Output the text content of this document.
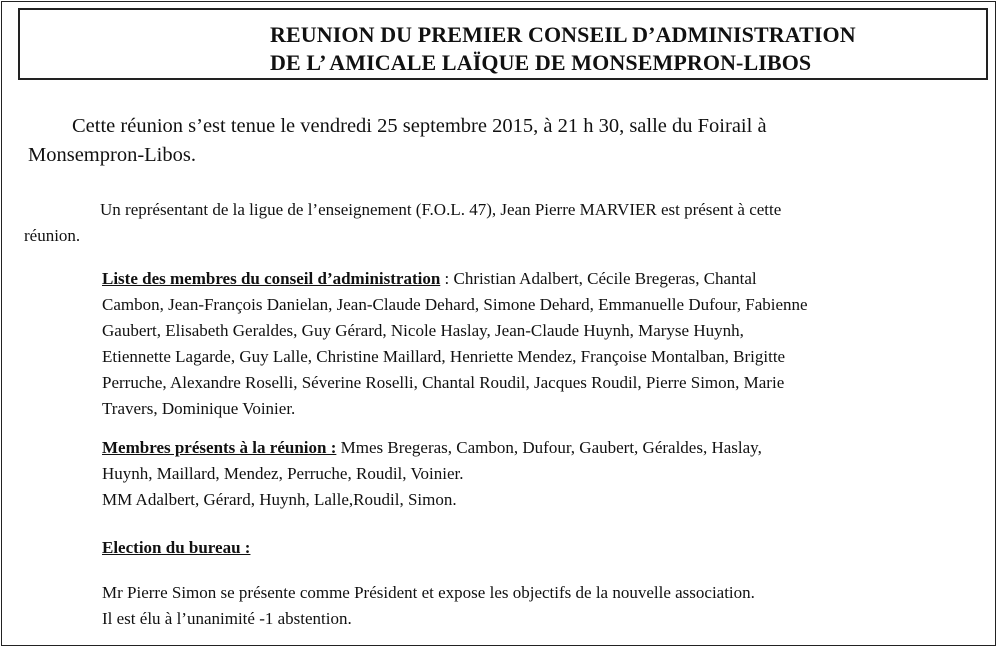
REUNION DU PREMIER CONSEIL D’ADMINISTRATION
DE L’ AMICALE LAÏQUE DE MONSEMPRON-LIBOS
Cette réunion s’est tenue le vendredi 25 septembre 2015, à 21 h 30, salle du Foirail à
Monsempron-Libos.
Un représentant de la ligue de l’enseignement (F.O.L. 47), Jean Pierre MARVIER est présent à cette
réunion.
Liste des membres du conseil d’administration : Christian Adalbert, Cécile Bregeras, Chantal
Cambon, Jean-François Danielan, Jean-Claude Dehard, Simone Dehard, Emmanuelle Dufour, Fabienne
Gaubert, Elisabeth Geraldes, Guy Gérard, Nicole Haslay, Jean-Claude Huynh, Maryse Huynh,
Etiennette Lagarde, Guy Lalle, Christine Maillard, Henriette Mendez, Françoise Montalban, Brigitte
Perruche, Alexandre Roselli, Séverine Roselli, Chantal Roudil, Jacques Roudil, Pierre Simon, Marie
Travers, Dominique Voinier.
Membres présents à la réunion : Mmes Bregeras, Cambon, Dufour, Gaubert, Géraldes, Haslay,
Huynh, Maillard, Mendez, Perruche, Roudil, Voinier.
MM Adalbert, Gérard, Huynh, Lalle,Roudil, Simon.
Election du bureau :
Mr Pierre Simon se présente comme Président et expose les objectifs de la nouvelle association.
Il est élu à l’unanimité -1 abstention.
